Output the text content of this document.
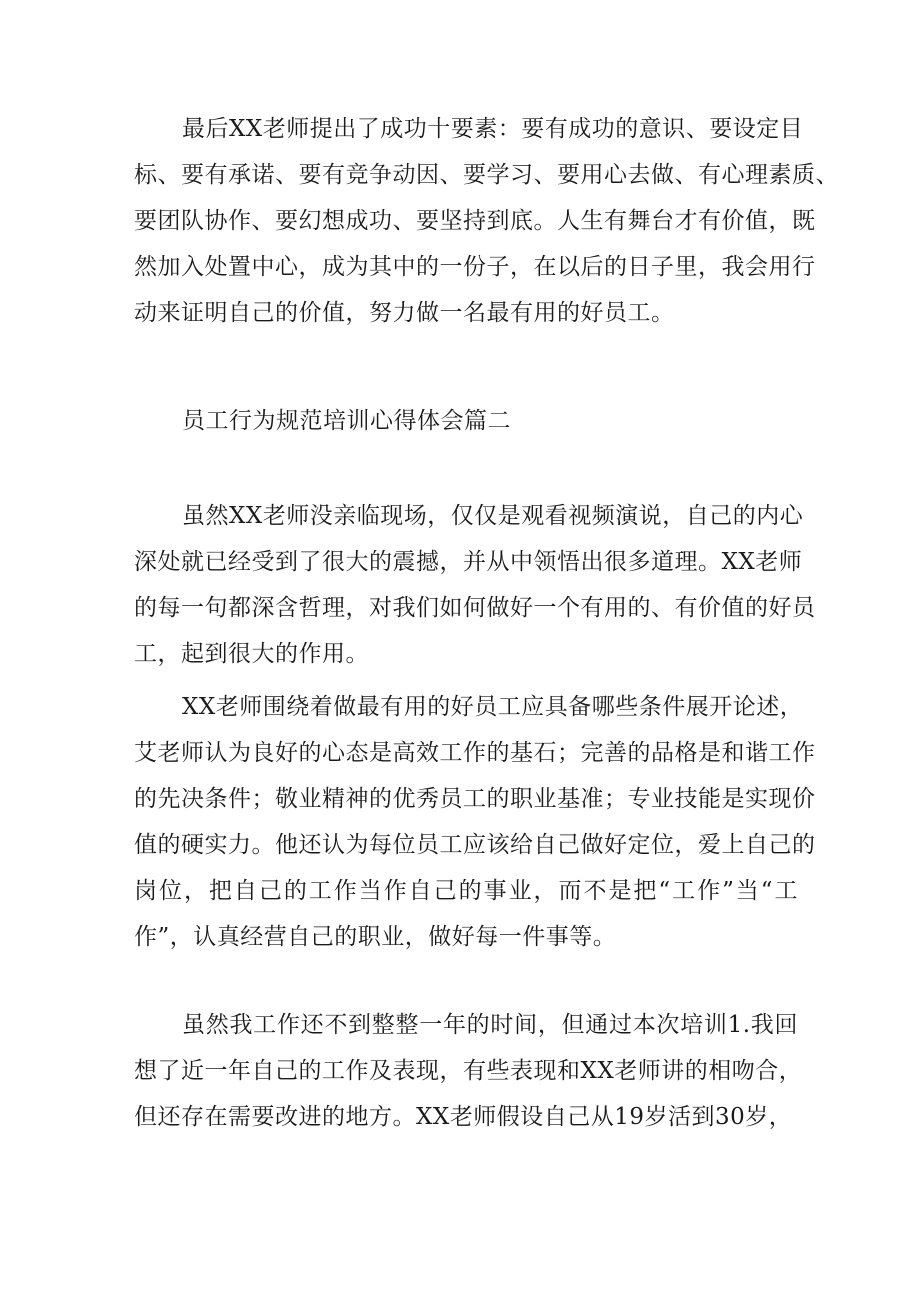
最后XX老师提出了成功十要素：要有成功的意识、要设定目
标、要有承诺、要有竞争动因、要学习、要用心去做、有心理素质、
要团队协作、要幻想成功、要坚持到底。人生有舞台才有价值，既
然加入处置中心，成为其中的一份子，在以后的日子里，我会用行
动来证明自己的价值，努力做一名最有用的好员工。
员工行为规范培训心得体会篇二
虽然XX老师没亲临现场，仅仅是观看视频演说，自己的内心
深处就已经受到了很大的震撼，并从中领悟出很多道理。XX老师
的每一句都深含哲理，对我们如何做好一个有用的、有价值的好员
工，起到很大的作用。
XX老师围绕着做最有用的好员工应具备哪些条件展开论述，
艾老师认为良好的心态是高效工作的基石；完善的品格是和谐工作
的先决条件；敬业精神的优秀员工的职业基准；专业技能是实现价
值的硬实力。他还认为每位员工应该给自己做好定位，爱上自己的
岗位，把自己的工作当作自己的事业，而不是把“工作”当“工
作”，认真经营自己的职业，做好每一件事等。
虽然我工作还不到整整一年的时间，但通过本次培训1.我回
想了近一年自己的工作及表现，有些表现和XX老师讲的相吻合，
但还存在需要改进的地方。XX老师假设自己从19岁活到30岁，
